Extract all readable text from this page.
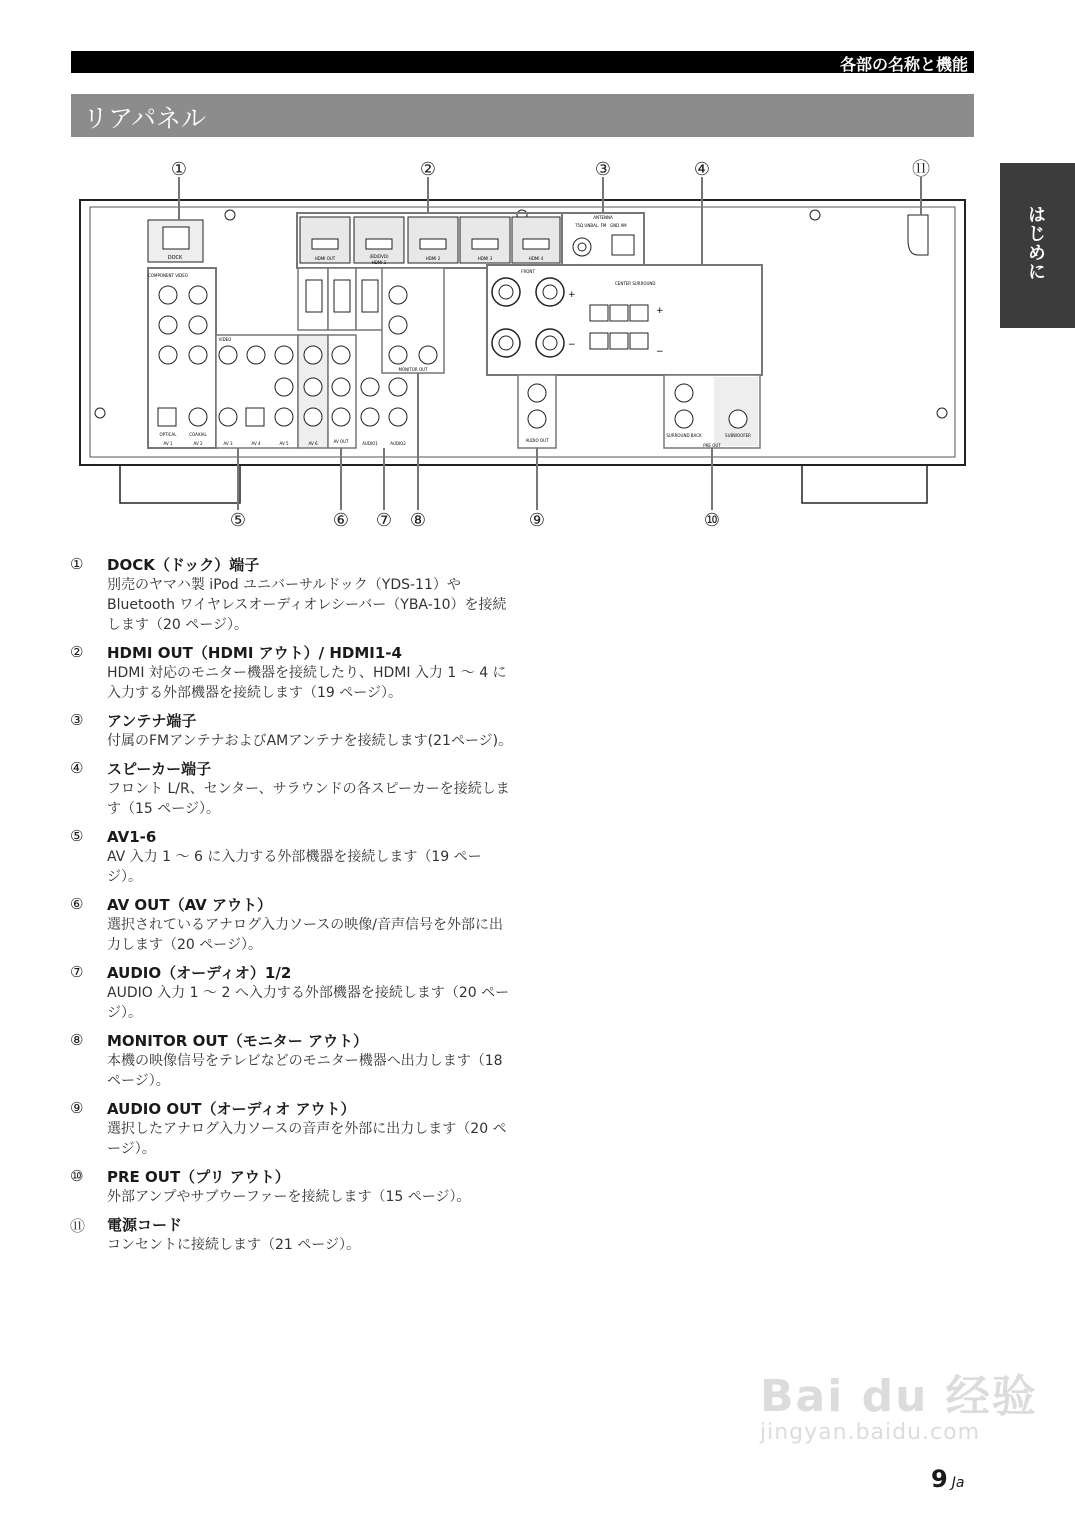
各部の名称と機能
リアパネル
はじめに
DOCK	HDMI OUT
HDMI 1
(BD/DVD)	HDMI 2	HDMI 3	HDMI 4
ANTENNA
75Ω UNBAL. FM GND AM
FRONT
CENTER SURROUND
+
−
+
−
COMPONENT VIDEO
VIDEO
AV 1	AV 2	AV 3	AV 4	AV 5	AV 6
OPTICAL	COAXIAL
MONITOR OUT
AV OUT	AUDIO1	AUDIO2
AUDIO OUT
SURROUND BACK	SUBWOOFER
PRE OUT
①	②	③	④	⑪
⑤	⑥ ⑦ ⑧	⑨	⑩
① DOCK（ドック）端子
別売のヤマハ製 iPod ユニバーサルドック（YDS-11）や Bluetooth ワイヤレスオーディオレシーバー（YBA-10）を接続します（20 ページ）。
② HDMI OUT（HDMI アウト）/ HDMI1-4
HDMI 対応のモニター機器を接続したり、HDMI 入力 1 〜 4 に入力する外部機器を接続します（19 ページ）。
③ アンテナ端子
付属のFMアンテナおよびAMアンテナを接続します(21ページ)。
④ スピーカー端子
フロント L/R、センター、サラウンドの各スピーカーを接続します（15 ページ）。
⑤ AV1-6
AV 入力 1 〜 6 に入力する外部機器を接続します（19 ページ）。
⑥ AV OUT（AV アウト）
選択されているアナログ入力ソースの映像/音声信号を外部に出力します（20 ページ）。
⑦ AUDIO（オーディオ）1/2
AUDIO 入力 1 〜 2 へ入力する外部機器を接続します（20 ページ）。
⑧ MONITOR OUT（モニター アウト）
本機の映像信号をテレビなどのモニター機器へ出力します（18 ページ）。
⑨ AUDIO OUT（オーディオ アウト）
選択したアナログ入力ソースの音声を外部に出力します（20 ページ）。
⑩ PRE OUT（プリ アウト）
外部アンプやサブウーファーを接続します（15 ページ）。
⑪ 電源コード
コンセントに接続します（21 ページ）。
Bai du 经验
jingyan.baidu.com
9 Ja
